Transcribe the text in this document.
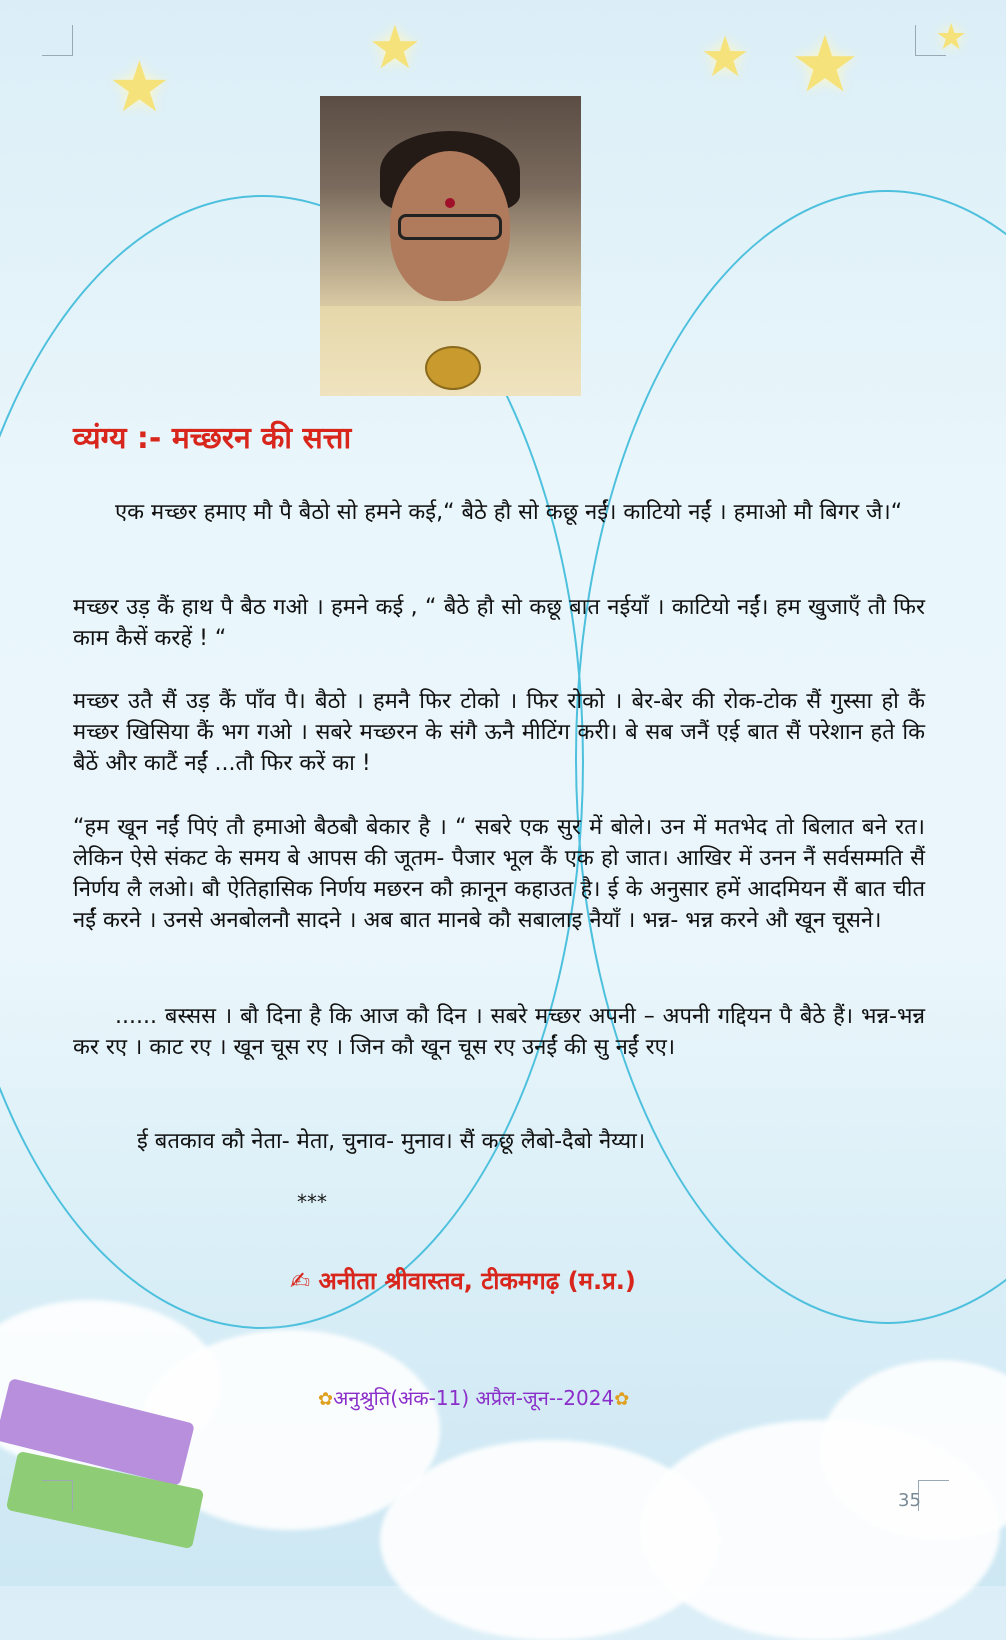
★	★	★ ★ ★
व्यंग्य :- मच्छरन की सत्ता
एक मच्छर हमाए मौ पै बैठो सो हमने कई,“ बैठे हौ सो कछू नईं। काटियो नईं । हमाओ मौ बिगर जै।“
मच्छर उड़ कैं हाथ पै बैठ गओ । हमने कई , “ बैठे हौ सो कछू बात नईयाँ । काटियो नईं। हम खुजाएँ तौ फिर काम कैसें करहें ! “
मच्छर उतै सैं उड़ कैं पाँव पै। बैठो । हमनै फिर टोको । फिर रोको । बेर-बेर की रोक-टोक सैं गुस्सा हो कैं मच्छर खिसिया कैं भग गओ । सबरे मच्छरन के संगै ऊनै मीटिंग करी। बे सब जनैं एई बात सैं परेशान हते कि बैठें और काटैं नईं ...तौ फिर करें का !
“हम खून नईं पिएं तौ हमाओ बैठबौ बेकार है । “ सबरे एक सुर में बोले। उन में मतभेद तो बिलात बने रत। लेकिन ऐसे संकट के समय बे आपस की जूतम- पैजार भूल कैं एक हो जात। आखिर में उनन नैं सर्वसम्मति सैं निर्णय लै लओ। बौ ऐतिहासिक निर्णय मछरन कौ क़ानून कहाउत है। ई के अनुसार हमें आदमियन सैं बात चीत नईं करने । उनसे अनबोलनौ सादने । अब बात मानबे कौ सबालाइ नैयाँ । भन्न- भन्न करने औ खून चूसने।
...... बस्सस । बौ दिना है कि आज कौ दिन । सबरे मच्छर अपनी – अपनी गद्दियन पै बैठे हैं। भन्न-भन्न कर रए । काट रए । खून चूस रए । जिन कौ खून चूस रए उनईं की सु नईं रए।
ई बतकाव कौ नेता- मेता, चुनाव- मुनाव। सैं कछू लैबो-दैबो नैय्या।
***
✍ अनीता श्रीवास्तव, टीकमगढ़ (म.प्र.)
✿अनुश्रुति(अंक-11) अप्रैल-जून--2024✿
35
